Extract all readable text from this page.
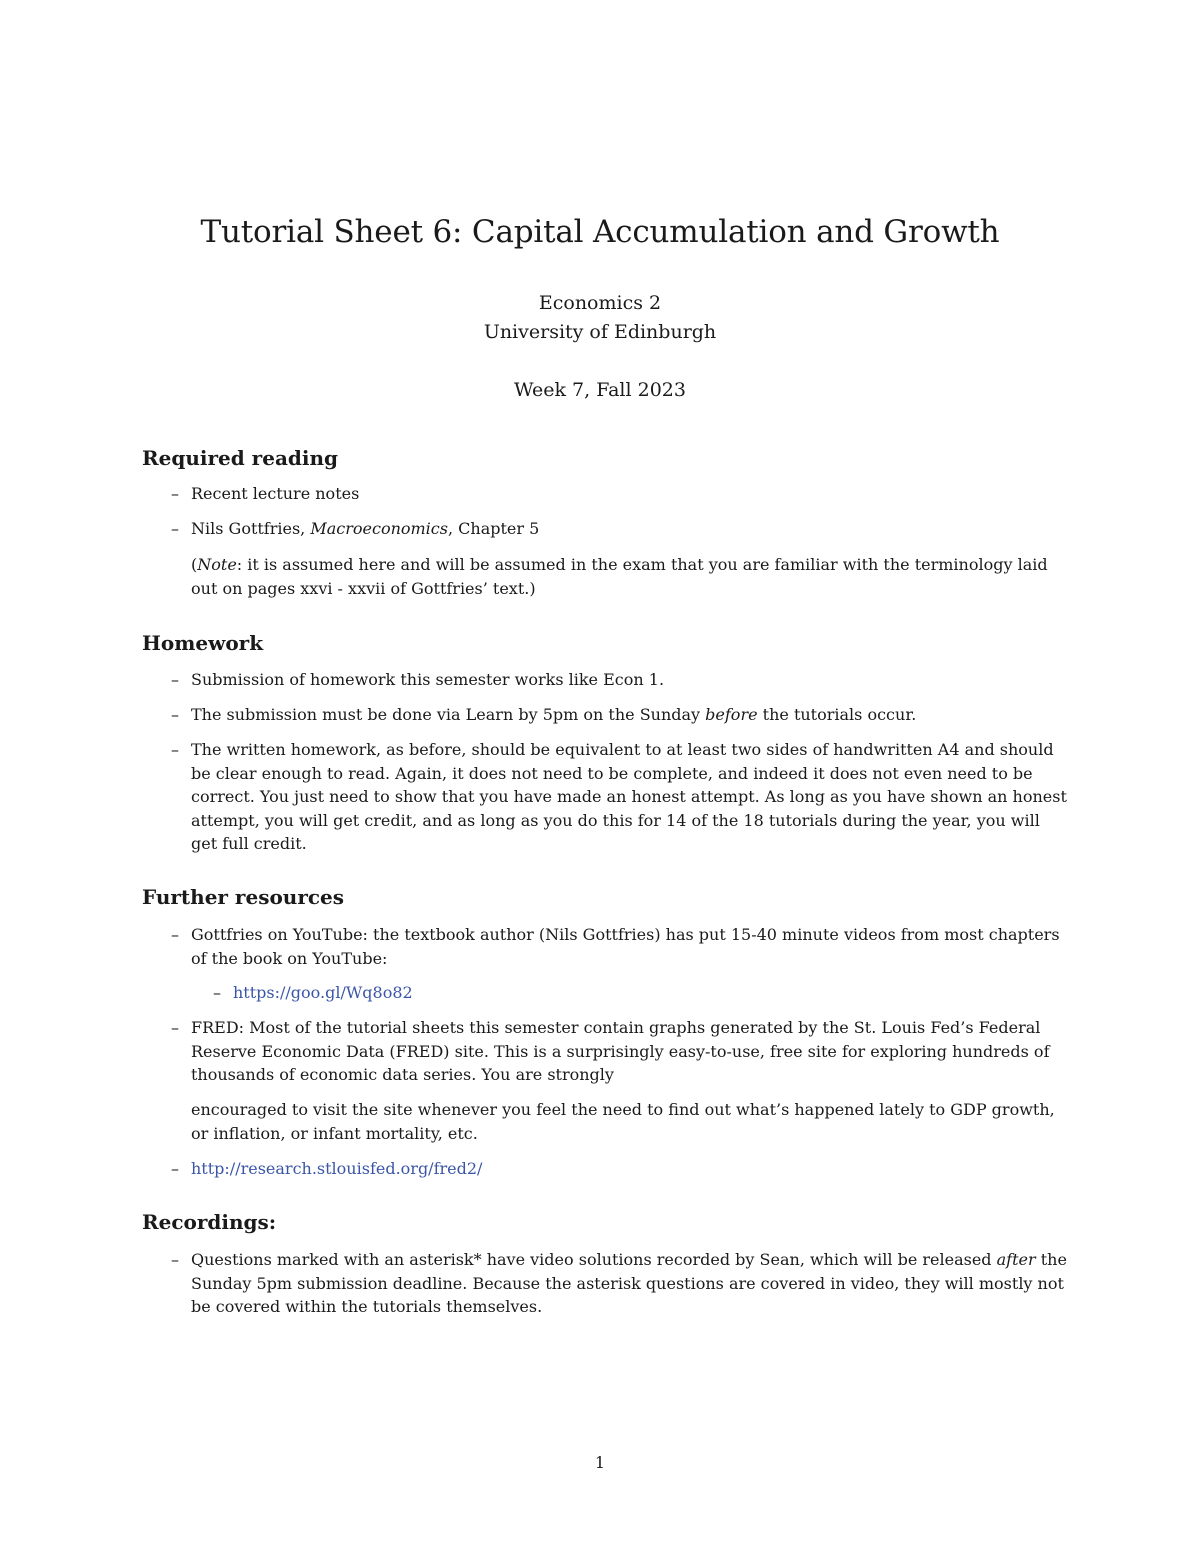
Tutorial Sheet 6: Capital Accumulation and Growth
Economics 2
University of Edinburgh
Week 7, Fall 2023
Required reading
– Recent lecture notes
– Nils Gottfries, Macroeconomics, Chapter 5
(Note: it is assumed here and will be assumed in the exam that you are familiar with the terminology laid out on pages xxvi - xxvii of Gottfries’ text.)
Homework
– Submission of homework this semester works like Econ 1.
– The submission must be done via Learn by 5pm on the Sunday before the tutorials occur.
– The written homework, as before, should be equivalent to at least two sides of handwritten A4 and should be clear enough to read. Again, it does not need to be complete, and indeed it does not even need to be correct. You just need to show that you have made an honest attempt. As long as you have shown an honest attempt, you will get credit, and as long as you do this for 14 of the 18 tutorials during the year, you will get full credit.
Further resources
– Gottfries on YouTube: the textbook author (Nils Gottfries) has put 15-40 minute videos from most chapters of the book on YouTube:
– https://goo.gl/Wq8o82
– FRED: Most of the tutorial sheets this semester contain graphs generated by the St. Louis Fed’s Federal Reserve Economic Data (FRED) site. This is a surprisingly easy-to-use, free site for exploring hundreds of thousands of economic data series. You are strongly
encouraged to visit the site whenever you feel the need to find out what’s happened lately to GDP growth, or inflation, or infant mortality, etc.
– http://research.stlouisfed.org/fred2/
Recordings:
– Questions marked with an asterisk* have video solutions recorded by Sean, which will be released after the Sunday 5pm submission deadline. Because the asterisk questions are covered in video, they will mostly not be covered within the tutorials themselves.
1
